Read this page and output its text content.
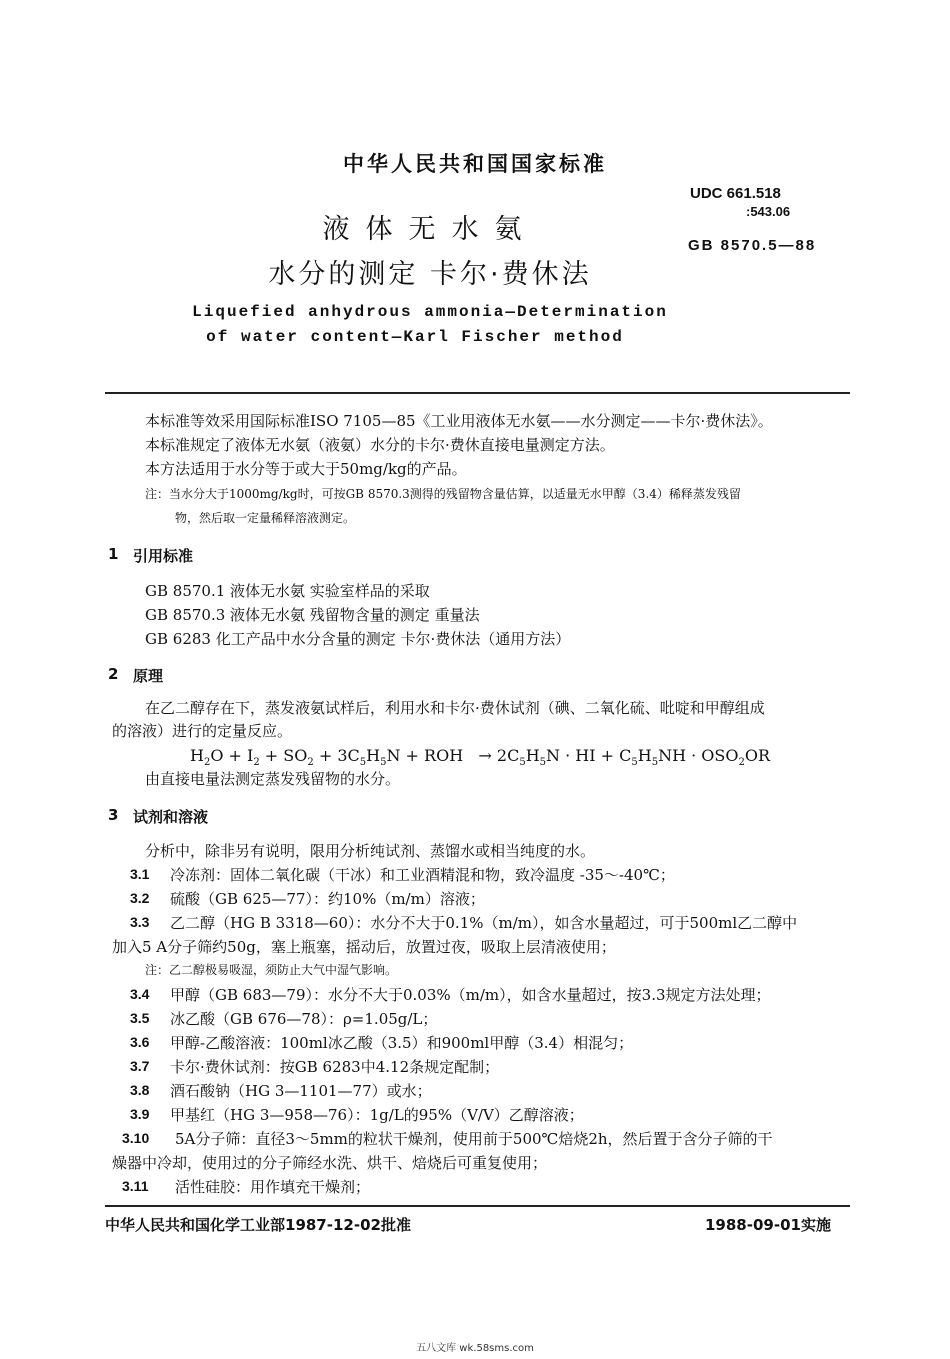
中华人民共和国国家标准
UDC 661.518
:543.06
GB 8570.5—88
液体无水氨
水分的测定 卡尔·费休法
Liquefied anhydrous ammonia—Determination
of water content—Karl Fischer method
本标准等效采用国际标准ISO 7105—85《工业用液体无水氨——水分测定——卡尔·费休法》。
本标准规定了液体无水氨（液氨）水分的卡尔·费休直接电量测定方法。
本方法适用于水分等于或大于50mg/kg的产品。
注：当水分大于1000mg/kg时，可按GB 8570.3测得的残留物含量估算，以适量无水甲醇（3.4）稀释蒸发残留
物，然后取一定量稀释溶液测定。
1 引用标准
GB 8570.1 液体无水氨 实验室样品的采取
GB 8570.3 液体无水氨 残留物含量的测定 重量法
GB 6283 化工产品中水分含量的测定 卡尔·费休法（通用方法）
2 原理
在乙二醇存在下，蒸发液氨试样后，利用水和卡尔·费休试剂（碘、二氧化硫、吡啶和甲醇组成
的溶液）进行的定量反应。
$H_2O + I_2 + SO_2 + 3C_5H_5N$ + ROH   → $2C_5H_5N$ · HI + $C_5H_5NH \cdot OSO_2OR$
由直接电量法测定蒸发残留物的水分。
3 试剂和溶液
分析中，除非另有说明，限用分析纯试剂、蒸馏水或相当纯度的水。
3.1 冷冻剂：固体二氧化碳（干冰）和工业酒精混和物，致冷温度 -35～-40℃；
3.2 硫酸（GB 625—77）：约10%（m/m）溶液；
3.3 乙二醇（HG B 3318—60）：水分不大于0.1%（m/m），如含水量超过，可于500ml乙二醇中
加入5 A分子筛约50g，塞上瓶塞，摇动后，放置过夜，吸取上层清液使用；
注：乙二醇极易吸湿，须防止大气中湿气影响。
3.4 甲醇（GB 683—79）：水分不大于0.03%（m/m），如含水量超过，按3.3规定方法处理；
3.5 冰乙酸（GB 676—78）：ρ=1.05g/L；
3.6 甲醇-乙酸溶液：100ml冰乙酸（3.5）和900ml甲醇（3.4）相混匀；
3.7 卡尔·费休试剂：按GB 6283中4.12条规定配制；
3.8 酒石酸钠（HG 3—1101—77）或水；
3.9 甲基红（HG 3—958—76）：1g/L的95%（V/V）乙醇溶液；
3.10 5A分子筛：直径3～5mm的粒状干燥剂，使用前于500℃焙烧2h，然后置于含分子筛的干
燥器中冷却，使用过的分子筛经水洗、烘干、焙烧后可重复使用；
3.11 活性硅胶：用作填充干燥剂；
中华人民共和国化学工业部1987-12-02批准	1988-09-01实施
五八文库 wk.58sms.com
